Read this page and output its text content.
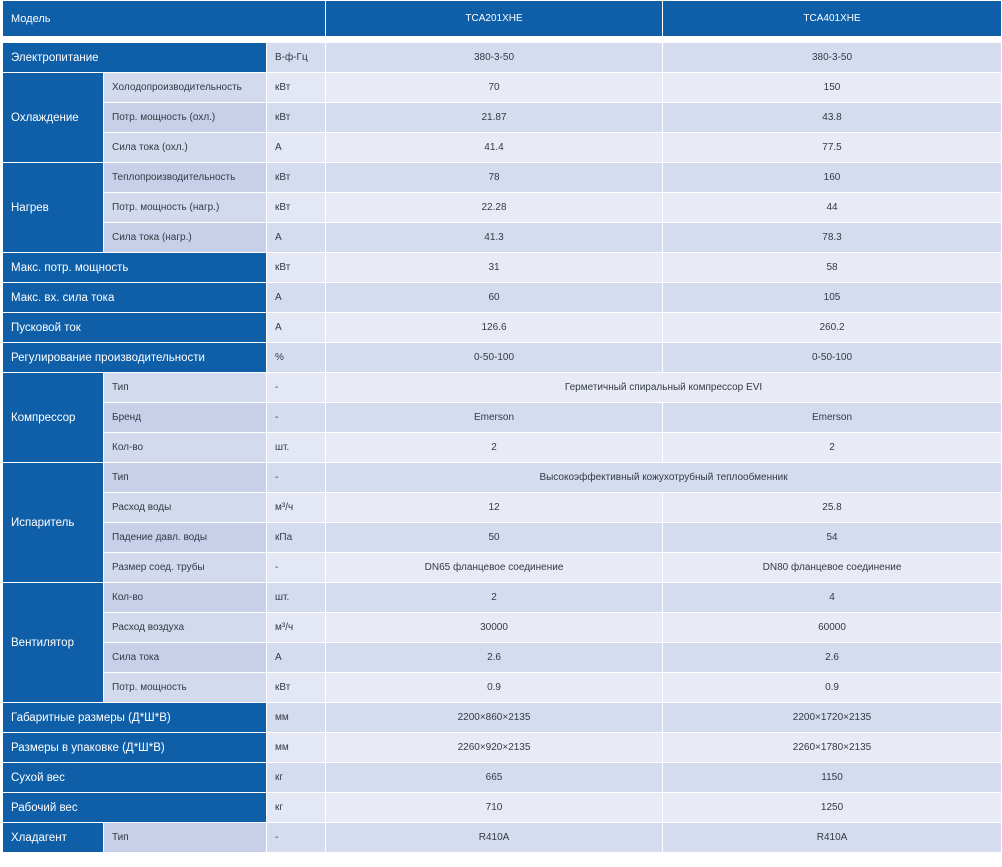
Модель			TCA201XHE	TCA401XHE

Электропитание		В-ф-Гц	380-3-50	380-3-50
Охлаждение	Холодопроизводительность	кВт	70	150
	Потр. мощность (охл.)	кВт	21.87	43.8
	Сила тока (охл.)	А	41.4	77.5
Нагрев	Теплопроизводительность	кВт	78	160
	Потр. мощность (нагр.)	кВт	22.28	44
	Сила тока (нагр.)	А	41.3	78.3
Макс. потр. мощность		кВт	31	58
Макс. вх. сила тока		А	60	105
Пусковой ток		А	126.6	260.2
Регулирование производительности		%	0-50-100	0-50-100
Компрессор	Тип	-	Герметичный спиральный компрессор EVI	
	Бренд	-	Emerson	Emerson
	Кол-во	шт.	2	2
Испаритель	Тип	-	Высокоэффективный кожухотрубный теплообменник	
	Расход воды	м³/ч	12	25.8
	Падение давл. воды	кПа	50	54
	Размер соед. трубы	-	DN65 фланцевое соединение	DN80 фланцевое соединение
Вентилятор	Кол-во	шт.	2	4
	Расход воздуха	м³/ч	30000	60000
	Сила тока	А	2.6	2.6
	Потр. мощность	кВт	0.9	0.9
Габаритные размеры (Д*Ш*В)		мм	2200×860×2135	2200×1720×2135
Размеры в упаковке (Д*Ш*В)		мм	2260×920×2135	2260×1780×2135
Сухой вес		кг	665	1150
Рабочий вес		кг	710	1250
Хладагент	Тип	-	R410A	R410A
